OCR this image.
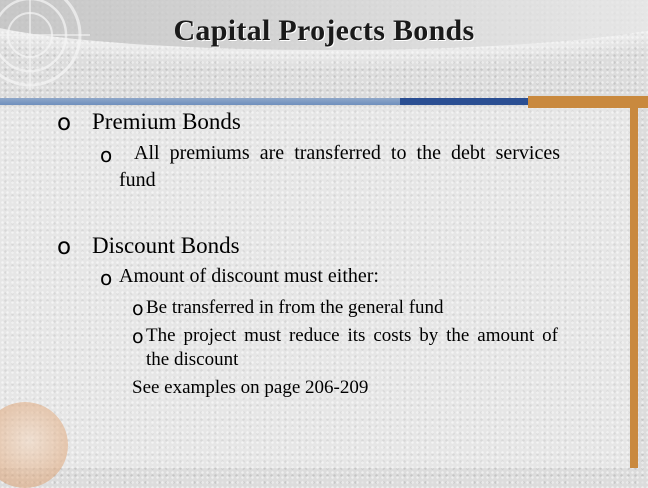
Capital Projects Bonds
o Premium Bonds
o All premiums are transferred to the debt services
fund
o Discount Bonds
o Amount of discount must either:
o Be transferred in from the general fund
o The project must reduce its costs by the amount of
the discount
See examples on page 206-209
